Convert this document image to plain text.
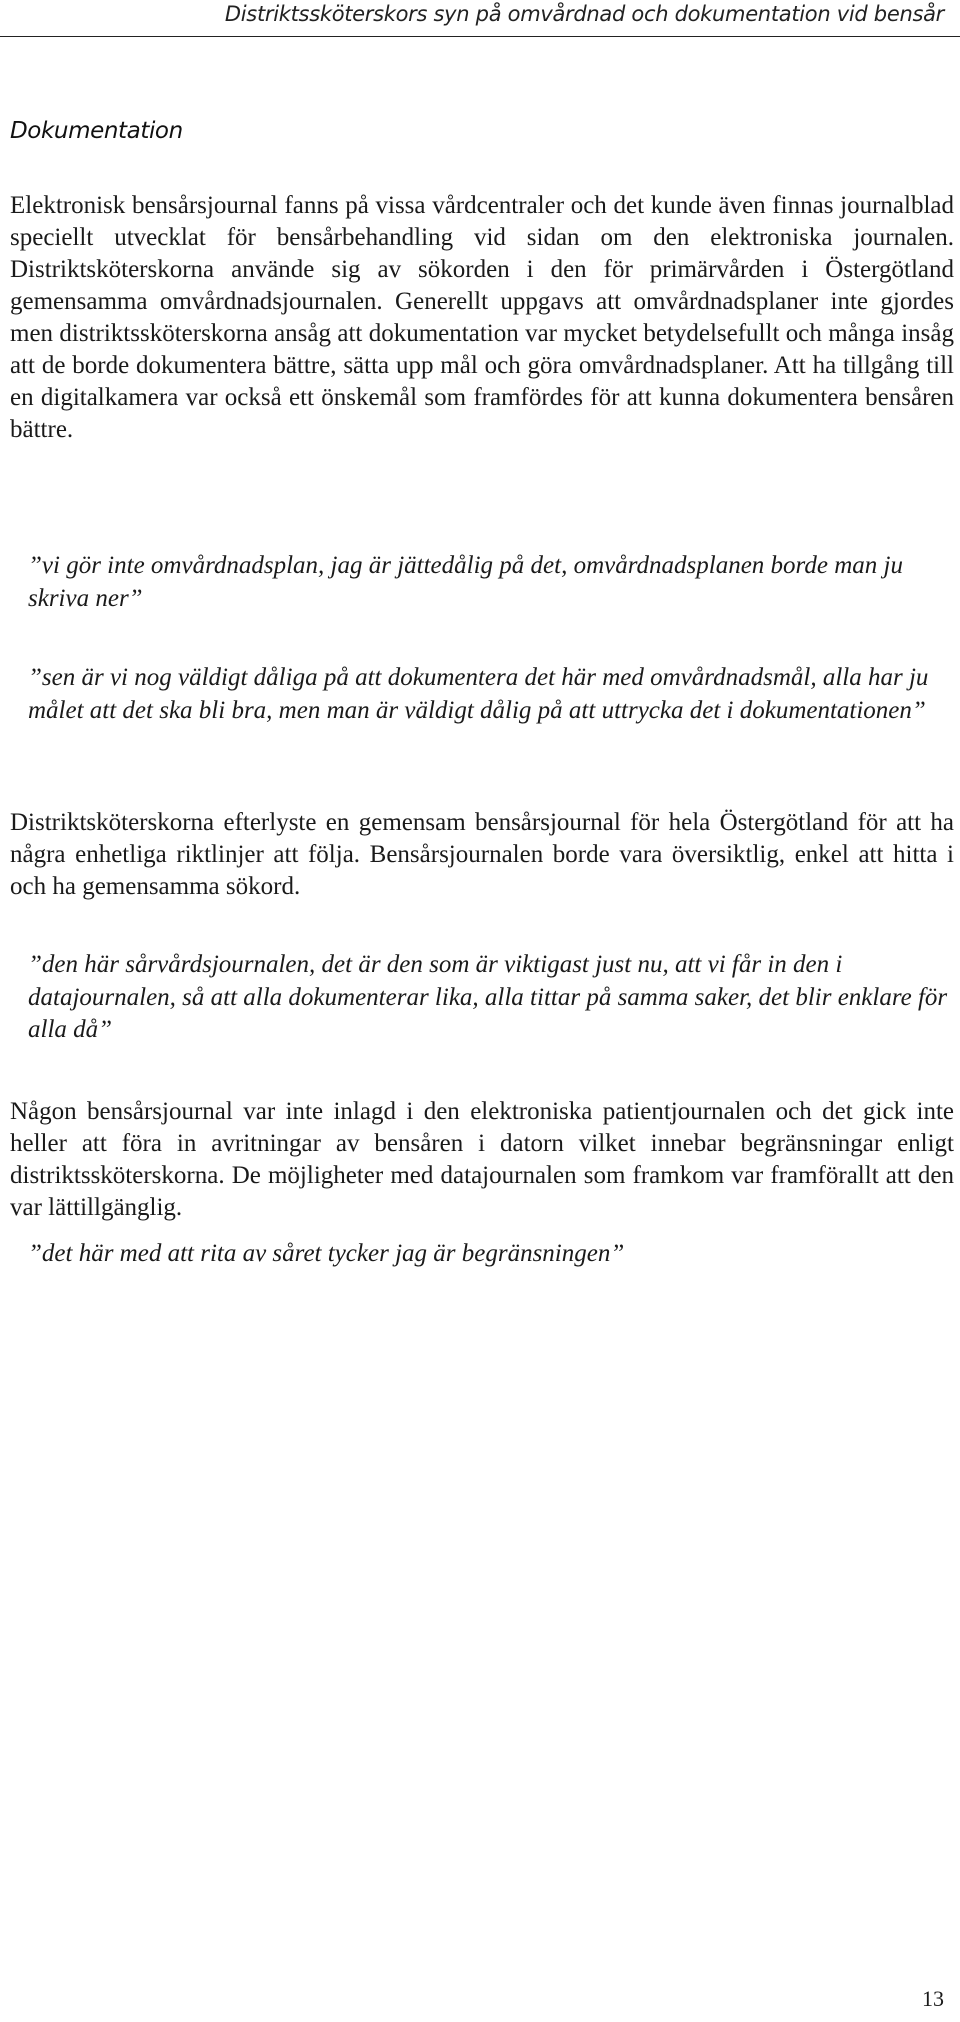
Distriktssköterskors syn på omvårdnad och dokumentation vid bensår
Dokumentation

Elektronisk bensårsjournal fanns på vissa vårdcentraler och det kunde även finnas journalblad speciellt utvecklat för bensårbehandling vid sidan om den elektroniska journalen. Distriktsköterskorna använde sig av sökorden i den för primärvården i Östergötland gemensamma omvårdnadsjournalen. Generellt uppgavs att omvårdnadsplaner inte gjordes men distriktssköterskorna ansåg att dokumentation var mycket betydelsefullt och många insåg att de borde dokumentera bättre, sätta upp mål och göra omvårdnadsplaner. Att ha tillgång till en digitalkamera var också ett önskemål som framfördes för att kunna dokumentera bensåren bättre.

”vi gör inte omvårdnadsplan, jag är jättedålig på det, omvårdnadsplanen borde man ju skriva ner”

”sen är vi nog väldigt dåliga på att dokumentera det här med omvårdnadsmål, alla har ju målet att det ska bli bra, men man är väldigt dålig på att uttrycka det i dokumentationen”

Distriktsköterskorna efterlyste en gemensam bensårsjournal för hela Östergötland för att ha några enhetliga riktlinjer att följa. Bensårsjournalen borde vara översiktlig, enkel att hitta i och ha gemensamma sökord.

”den här sårvårdsjournalen, det är den som är viktigast just nu, att vi får in den i datajournalen, så att alla dokumenterar lika, alla tittar på samma saker, det blir enklare för alla då”

Någon bensårsjournal var inte inlagd i den elektroniska patientjournalen och det gick inte heller att föra in avritningar av bensåren i datorn vilket innebar begränsningar enligt distriktssköterskorna. De möjligheter med datajournalen som framkom var framförallt att den var lättillgänglig.

”det här med att rita av såret tycker jag är begränsningen”

13
